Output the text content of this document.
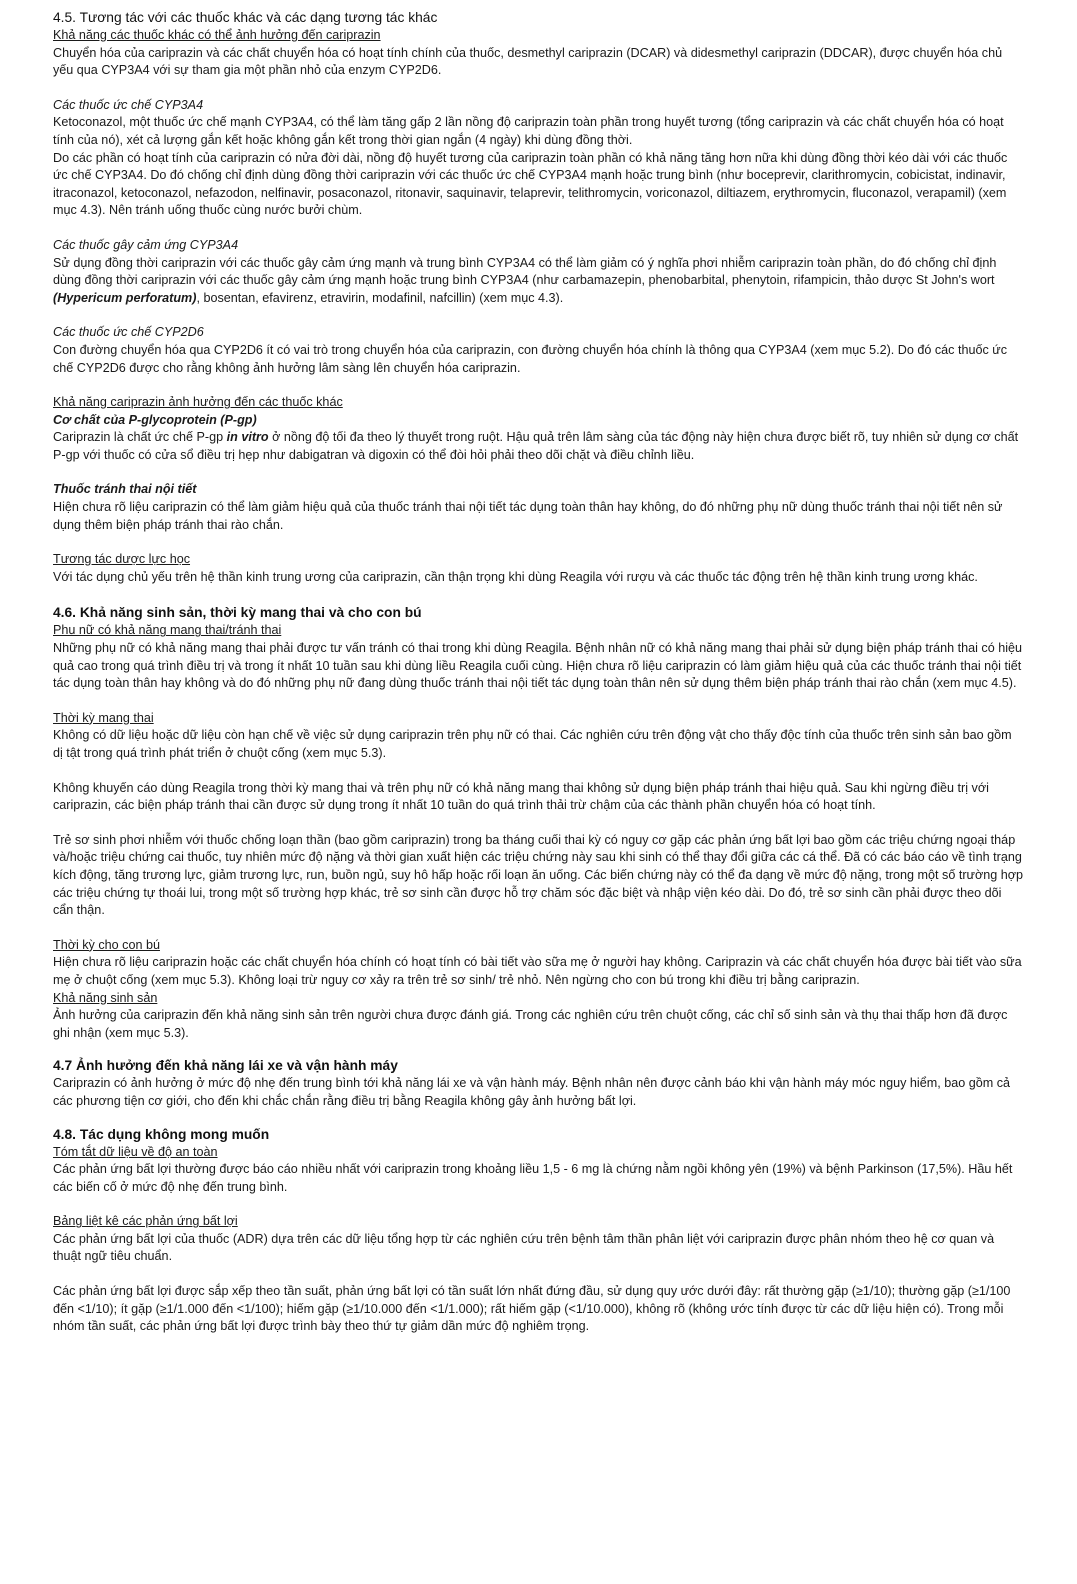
4.5. Tương tác với các thuốc khác và các dạng tương tác khác
Khả năng các thuốc khác có thể ảnh hưởng đến cariprazin

Chuyển hóa của cariprazin và các chất chuyển hóa có hoạt tính chính của thuốc, desmethyl cariprazin (DCAR) và didesmethyl cariprazin (DDCAR), được chuyển hóa chủ yếu qua CYP3A4 với sự tham gia một phần nhỏ của enzym CYP2D6.

Các thuốc ức chế CYP3A4

Ketoconazol, một thuốc ức chế mạnh CYP3A4, có thể làm tăng gấp 2 lần nồng độ cariprazin toàn phần trong huyết tương (tổng cariprazin và các chất chuyển hóa có hoạt tính của nó), xét cả lượng gắn kết hoặc không gắn kết trong thời gian ngắn (4 ngày) khi dùng đồng thời.

Do các phần có hoạt tính của cariprazin có nửa đời dài, nồng độ huyết tương của cariprazin toàn phần có khả năng tăng hơn nữa khi dùng đồng thời kéo dài với các thuốc ức chế CYP3A4. Do đó chống chỉ định dùng đồng thời cariprazin với các thuốc ức chế CYP3A4 mạnh hoặc trung bình (như boceprevir, clarithromycin, cobicistat, indinavir, itraconazol, ketoconazol, nefazodon, nelfinavir, posaconazol, ritonavir, saquinavir, telaprevir, telithromycin, voriconazol, diltiazem, erythromycin, fluconazol, verapamil) (xem mục 4.3). Nên tránh uống thuốc cùng nước bưởi chùm.

Các thuốc gây cảm ứng CYP3A4

Sử dụng đồng thời cariprazin với các thuốc gây cảm ứng mạnh và trung bình CYP3A4 có thể làm giảm có ý nghĩa phơi nhiễm cariprazin toàn phần, do đó chống chỉ định dùng đồng thời cariprazin với các thuốc gây cảm ứng mạnh hoặc trung bình CYP3A4 (như carbamazepin, phenobarbital, phenytoin, rifampicin, thảo dược St John's wort (Hypericum perforatum), bosentan, efavirenz, etravirin, modafinil, nafcillin) (xem mục 4.3).

Các thuốc ức chế CYP2D6

Con đường chuyển hóa qua CYP2D6 ít có vai trò trong chuyển hóa của cariprazin, con đường chuyển hóa chính là thông qua CYP3A4 (xem mục 5.2). Do đó các thuốc ức chế CYP2D6 được cho rằng không ảnh hưởng lâm sàng lên chuyển hóa cariprazin.

Khả năng cariprazin ảnh hưởng đến các thuốc khác
Cơ chất của P-glycoprotein (P-gp)

Cariprazin là chất ức chế P-gp in vitro ở nồng độ tối đa theo lý thuyết trong ruột. Hậu quả trên lâm sàng của tác động này hiện chưa được biết rõ, tuy nhiên sử dụng cơ chất P-gp với thuốc có cửa sổ điều trị hẹp như dabigatran và digoxin có thể đòi hỏi phải theo dõi chặt và điều chỉnh liều.

Thuốc tránh thai nội tiết

Hiện chưa rõ liệu cariprazin có thể làm giảm hiệu quả của thuốc tránh thai nội tiết tác dụng toàn thân hay không, do đó những phụ nữ dùng thuốc tránh thai nội tiết nên sử dụng thêm biện pháp tránh thai rào chắn.

Tương tác dược lực học

Với tác dụng chủ yếu trên hệ thần kinh trung ương của cariprazin, cần thận trọng khi dùng Reagila với rượu và các thuốc tác động trên hệ thần kinh trung ương khác.

4.6. Khả năng sinh sản, thời kỳ mang thai và cho con bú
Phụ nữ có khả năng mang thai/tránh thai

Những phụ nữ có khả năng mang thai phải được tư vấn tránh có thai trong khi dùng Reagila. Bệnh nhân nữ có khả năng mang thai phải sử dụng biện pháp tránh thai có hiệu quả cao trong quá trình điều trị và trong ít nhất 10 tuần sau khi dùng liều Reagila cuối cùng. Hiện chưa rõ liệu cariprazin có làm giảm hiệu quả của các thuốc tránh thai nội tiết tác dụng toàn thân hay không và do đó những phụ nữ đang dùng thuốc tránh thai nội tiết tác dụng toàn thân nên sử dụng thêm biện pháp tránh thai rào chắn (xem mục 4.5).

Thời kỳ mang thai

Không có dữ liệu hoặc dữ liệu còn hạn chế về việc sử dụng cariprazin trên phụ nữ có thai. Các nghiên cứu trên động vật cho thấy độc tính của thuốc trên sinh sản bao gồm dị tật trong quá trình phát triển ở chuột cống (xem mục 5.3).

Không khuyến cáo dùng Reagila trong thời kỳ mang thai và trên phụ nữ có khả năng mang thai không sử dụng biện pháp tránh thai hiệu quả. Sau khi ngừng điều trị với cariprazin, các biện pháp tránh thai cần được sử dụng trong ít nhất 10 tuần do quá trình thải trừ chậm của các thành phần chuyển hóa có hoạt tính.

Trẻ sơ sinh phơi nhiễm với thuốc chống loạn thần (bao gồm cariprazin) trong ba tháng cuối thai kỳ có nguy cơ gặp các phản ứng bất lợi bao gồm các triệu chứng ngoại tháp và/hoặc triệu chứng cai thuốc, tuy nhiên mức độ nặng và thời gian xuất hiện các triệu chứng này sau khi sinh có thể thay đổi giữa các cá thể. Đã có các báo cáo về tình trạng kích động, tăng trương lực, giảm trương lực, run, buồn ngủ, suy hô hấp hoặc rối loạn ăn uống. Các biến chứng này có thể đa dạng về mức độ nặng, trong một số trường hợp các triệu chứng tự thoái lui, trong một số trường hợp khác, trẻ sơ sinh cần được hỗ trợ chăm sóc đặc biệt và nhập viện kéo dài. Do đó, trẻ sơ sinh cần phải được theo dõi cẩn thận.

Thời kỳ cho con bú

Hiện chưa rõ liệu cariprazin hoặc các chất chuyển hóa chính có hoạt tính có bài tiết vào sữa mẹ ở người hay không. Cariprazin và các chất chuyển hóa được bài tiết vào sữa mẹ ở chuột cống (xem mục 5.3). Không loại trừ nguy cơ xảy ra trên trẻ sơ sinh/ trẻ nhỏ. Nên ngừng cho con bú trong khi điều trị bằng cariprazin.

Khả năng sinh sản

Ảnh hưởng của cariprazin đến khả năng sinh sản trên người chưa được đánh giá. Trong các nghiên cứu trên chuột cống, các chỉ số sinh sản và thụ thai thấp hơn đã được ghi nhận (xem mục 5.3).

4.7 Ảnh hưởng đến khả năng lái xe và vận hành máy

Cariprazin có ảnh hưởng ở mức độ nhẹ đến trung bình tới khả năng lái xe và vận hành máy. Bệnh nhân nên được cảnh báo khi vận hành máy móc nguy hiểm, bao gồm cả các phương tiện cơ giới, cho đến khi chắc chắn rằng điều trị bằng Reagila không gây ảnh hưởng bất lợi.

4.8. Tác dụng không mong muốn
Tóm tắt dữ liệu về độ an toàn

Các phản ứng bất lợi thường được báo cáo nhiều nhất với cariprazin trong khoảng liều 1,5 - 6 mg là chứng nằm ngồi không yên (19%) và bệnh Parkinson (17,5%). Hầu hết các biến cố ở mức độ nhẹ đến trung bình.

Bảng liệt kê các phản ứng bất lợi

Các phản ứng bất lợi của thuốc (ADR) dựa trên các dữ liệu tổng hợp từ các nghiên cứu trên bệnh tâm thần phân liệt với cariprazin được phân nhóm theo hệ cơ quan và thuật ngữ tiêu chuẩn.

Các phản ứng bất lợi được sắp xếp theo tần suất, phản ứng bất lợi có tần suất lớn nhất đứng đầu, sử dụng quy ước dưới đây: rất thường gặp (≥1/10); thường gặp (≥1/100 đến <1/10); ít gặp (≥1/1.000 đến <1/100); hiếm gặp (≥1/10.000 đến <1/1.000); rất hiếm gặp (<1/10.000), không rõ (không ước tính được từ các dữ liệu hiện có). Trong mỗi nhóm tần suất, các phản ứng bất lợi được trình bày theo thứ tự giảm dần mức độ nghiêm trọng.
